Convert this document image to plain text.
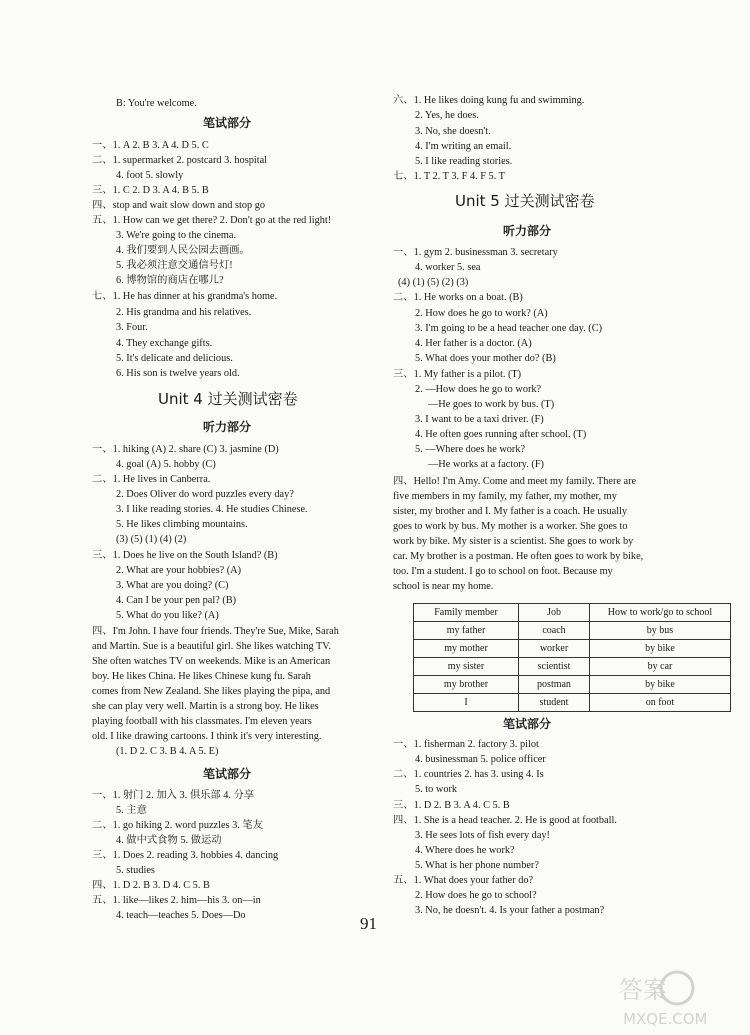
Family member	Job	How to work/go to school
my father	coach	by bus
my mother	worker	by bike
my sister	scientist	by car
my brother	postman	by bike
I	student	on foot
91
答案
MXQE.COM
B: You're welcome.
笔试部分
一、1. A 2. B 3. A 4. D 5. C
二、1. supermarket 2. postcard 3. hospital
4. foot 5. slowly
三、1. C 2. D 3. A 4. B 5. B
四、stop and wait slow down and stop go
五、1. How can we get there? 2. Don't go at the red light!
3. We're going to the cinema.
4. 我们要到人民公园去画画。
5. 我必须注意交通信号灯!
6. 博物馆的商店在哪儿?
七、1. He has dinner at his grandma's home.
2. His grandma and his relatives.
3. Four.
4. They exchange gifts.
5. It's delicate and delicious.
6. His son is twelve years old.
Unit 4 过关测试密卷
听力部分
一、1. hiking (A) 2. share (C) 3. jasmine (D)
4. goal (A) 5. hobby (C)
二、1. He lives in Canberra.
2. Does Oliver do word puzzles every day?
3. I like reading stories. 4. He studies Chinese.
5. He likes climbing mountains.
(3) (5) (1) (4) (2)
三、1. Does he live on the South Island? (B)
2. What are your hobbies? (A)
3. What are you doing? (C)
4. Can I be your pen pal? (B)
5. What do you like? (A)
四、I'm John. I have four friends. They're Sue, Mike, Sarah
and Martin. Sue is a beautiful girl. She likes watching TV.
She often watches TV on weekends. Mike is an American
boy. He likes China. He likes Chinese kung fu. Sarah
comes from New Zealand. She likes playing the pipa, and
she can play very well. Martin is a strong boy. He likes
playing football with his classmates. I'm eleven years
old. I like drawing cartoons. I think it's very interesting.
(1. D 2. C 3. B 4. A 5. E)
笔试部分
一、1. 射门 2. 加入 3. 俱乐部 4. 分享
5. 主意
二、1. go hiking 2. word puzzles 3. 笔友
4. 做中式食物 5. 做运动
三、1. Does 2. reading 3. hobbies 4. dancing
5. studies
四、1. D 2. B 3. D 4. C 5. B
五、1. like—likes 2. him—his 3. on—in
4. teach—teaches 5. Does—Do
六、1. He likes doing kung fu and swimming.
2. Yes, he does.
3. No, she doesn't.
4. I'm writing an email.
5. I like reading stories.
七、1. T 2. T 3. F 4. F 5. T
Unit 5 过关测试密卷
听力部分
一、1. gym 2. businessman 3. secretary
4. worker 5. sea
(4) (1) (5) (2) (3)
二、1. He works on a boat. (B)
2. How does he go to work? (A)
3. I'm going to be a head teacher one day. (C)
4. Her father is a doctor. (A)
5. What does your mother do? (B)
三、1. My father is a pilot. (T)
2. —How does he go to work?
—He goes to work by bus. (T)
3. I want to be a taxi driver. (F)
4. He often goes running after school. (T)
5. —Where does he work?
—He works at a factory. (F)
四、Hello! I'm Amy. Come and meet my family. There are
five members in my family, my father, my mother, my
sister, my brother and I. My father is a coach. He usually
goes to work by bus. My mother is a worker. She goes to
work by bike. My sister is a scientist. She goes to work by
car. My brother is a postman. He often goes to work by bike,
too. I'm a student. I go to school on foot. Because my
school is near my home.
笔试部分
一、1. fisherman 2. factory 3. pilot
4. businessman 5. police officer
二、1. countries 2. has 3. using 4. Is
5. to work
三、1. D 2. B 3. A 4. C 5. B
四、1. She is a head teacher. 2. He is good at football.
3. He sees lots of fish every day!
4. Where does he work?
5. What is her phone number?
五、1. What does your father do?
2. How does he go to school?
3. No, he doesn't. 4. Is your father a postman?
